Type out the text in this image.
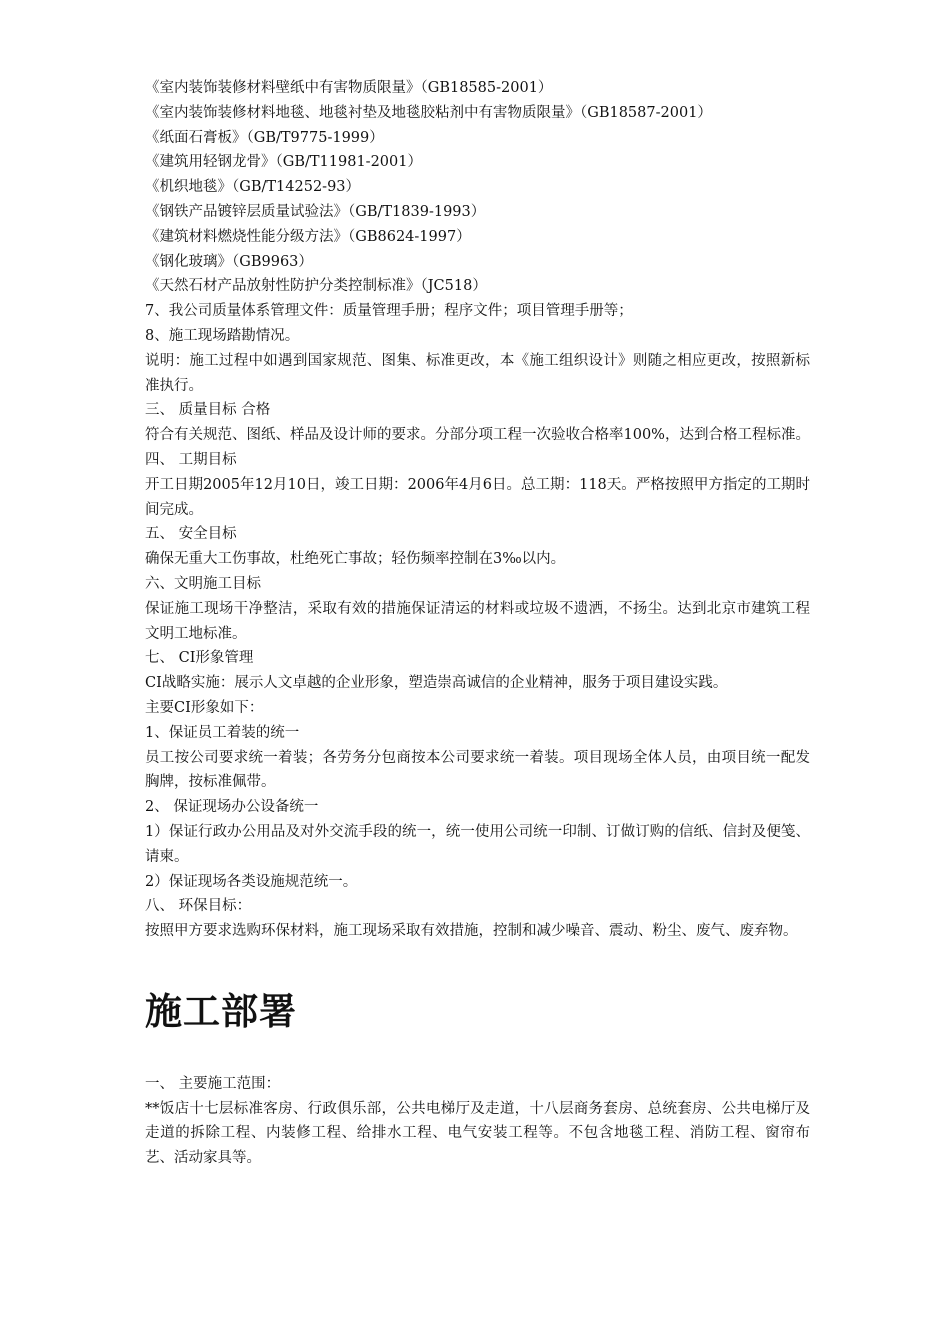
《室内装饰装修材料壁纸中有害物质限量》（GB18585-2001）

《室内装饰装修材料地毯、地毯衬垫及地毯胶粘剂中有害物质限量》（GB18587-2001）

《纸面石膏板》（GB/T9775-1999）

《建筑用轻钢龙骨》（GB/T11981-2001）

《机织地毯》（GB/T14252-93）

《钢铁产品镀锌层质量试验法》（GB/T1839-1993）

《建筑材料燃烧性能分级方法》（GB8624-1997）

《钢化玻璃》（GB9963）

《天然石材产品放射性防护分类控制标准》（JC518）

7、我公司质量体系管理文件：质量管理手册；程序文件；项目管理手册等；

8、施工现场踏勘情况。

说明：施工过程中如遇到国家规范、图集、标准更改，本《施工组织设计》则随之相应更改，按照新标准执行。

三、 质量目标 合格

符合有关规范、图纸、样品及设计师的要求。分部分项工程一次验收合格率100%，达到合格工程标准。

四、 工期目标

开工日期2005年12月10日，竣工日期：2006年4月6日。总工期：118天。严格按照甲方指定的工期时间完成。

五、 安全目标

确保无重大工伤事故，杜绝死亡事故；轻伤频率控制在3‰以内。

六、文明施工目标

保证施工现场干净整洁，采取有效的措施保证清运的材料或垃圾不遗洒，不扬尘。达到北京市建筑工程文明工地标准。

七、 CI形象管理

CI战略实施：展示人文卓越的企业形象，塑造崇高诚信的企业精神，服务于项目建设实践。

主要CI形象如下：

1、保证员工着装的统一

员工按公司要求统一着装；各劳务分包商按本公司要求统一着装。项目现场全体人员，由项目统一配发胸牌，按标准佩带。

2、 保证现场办公设备统一

1）保证行政办公用品及对外交流手段的统一，统一使用公司统一印制、订做订购的信纸、信封及便笺、请柬。

2）保证现场各类设施规范统一。

八、 环保目标：

按照甲方要求选购环保材料，施工现场采取有效措施，控制和减少噪音、震动、粉尘、废气、废弃物。

施工部署

一、 主要施工范围：

**饭店十七层标准客房、行政俱乐部，公共电梯厅及走道，十八层商务套房、总统套房、公共电梯厅及走道的拆除工程、内装修工程、给排水工程、电气安装工程等。不包含地毯工程、消防工程、窗帘布艺、活动家具等。
